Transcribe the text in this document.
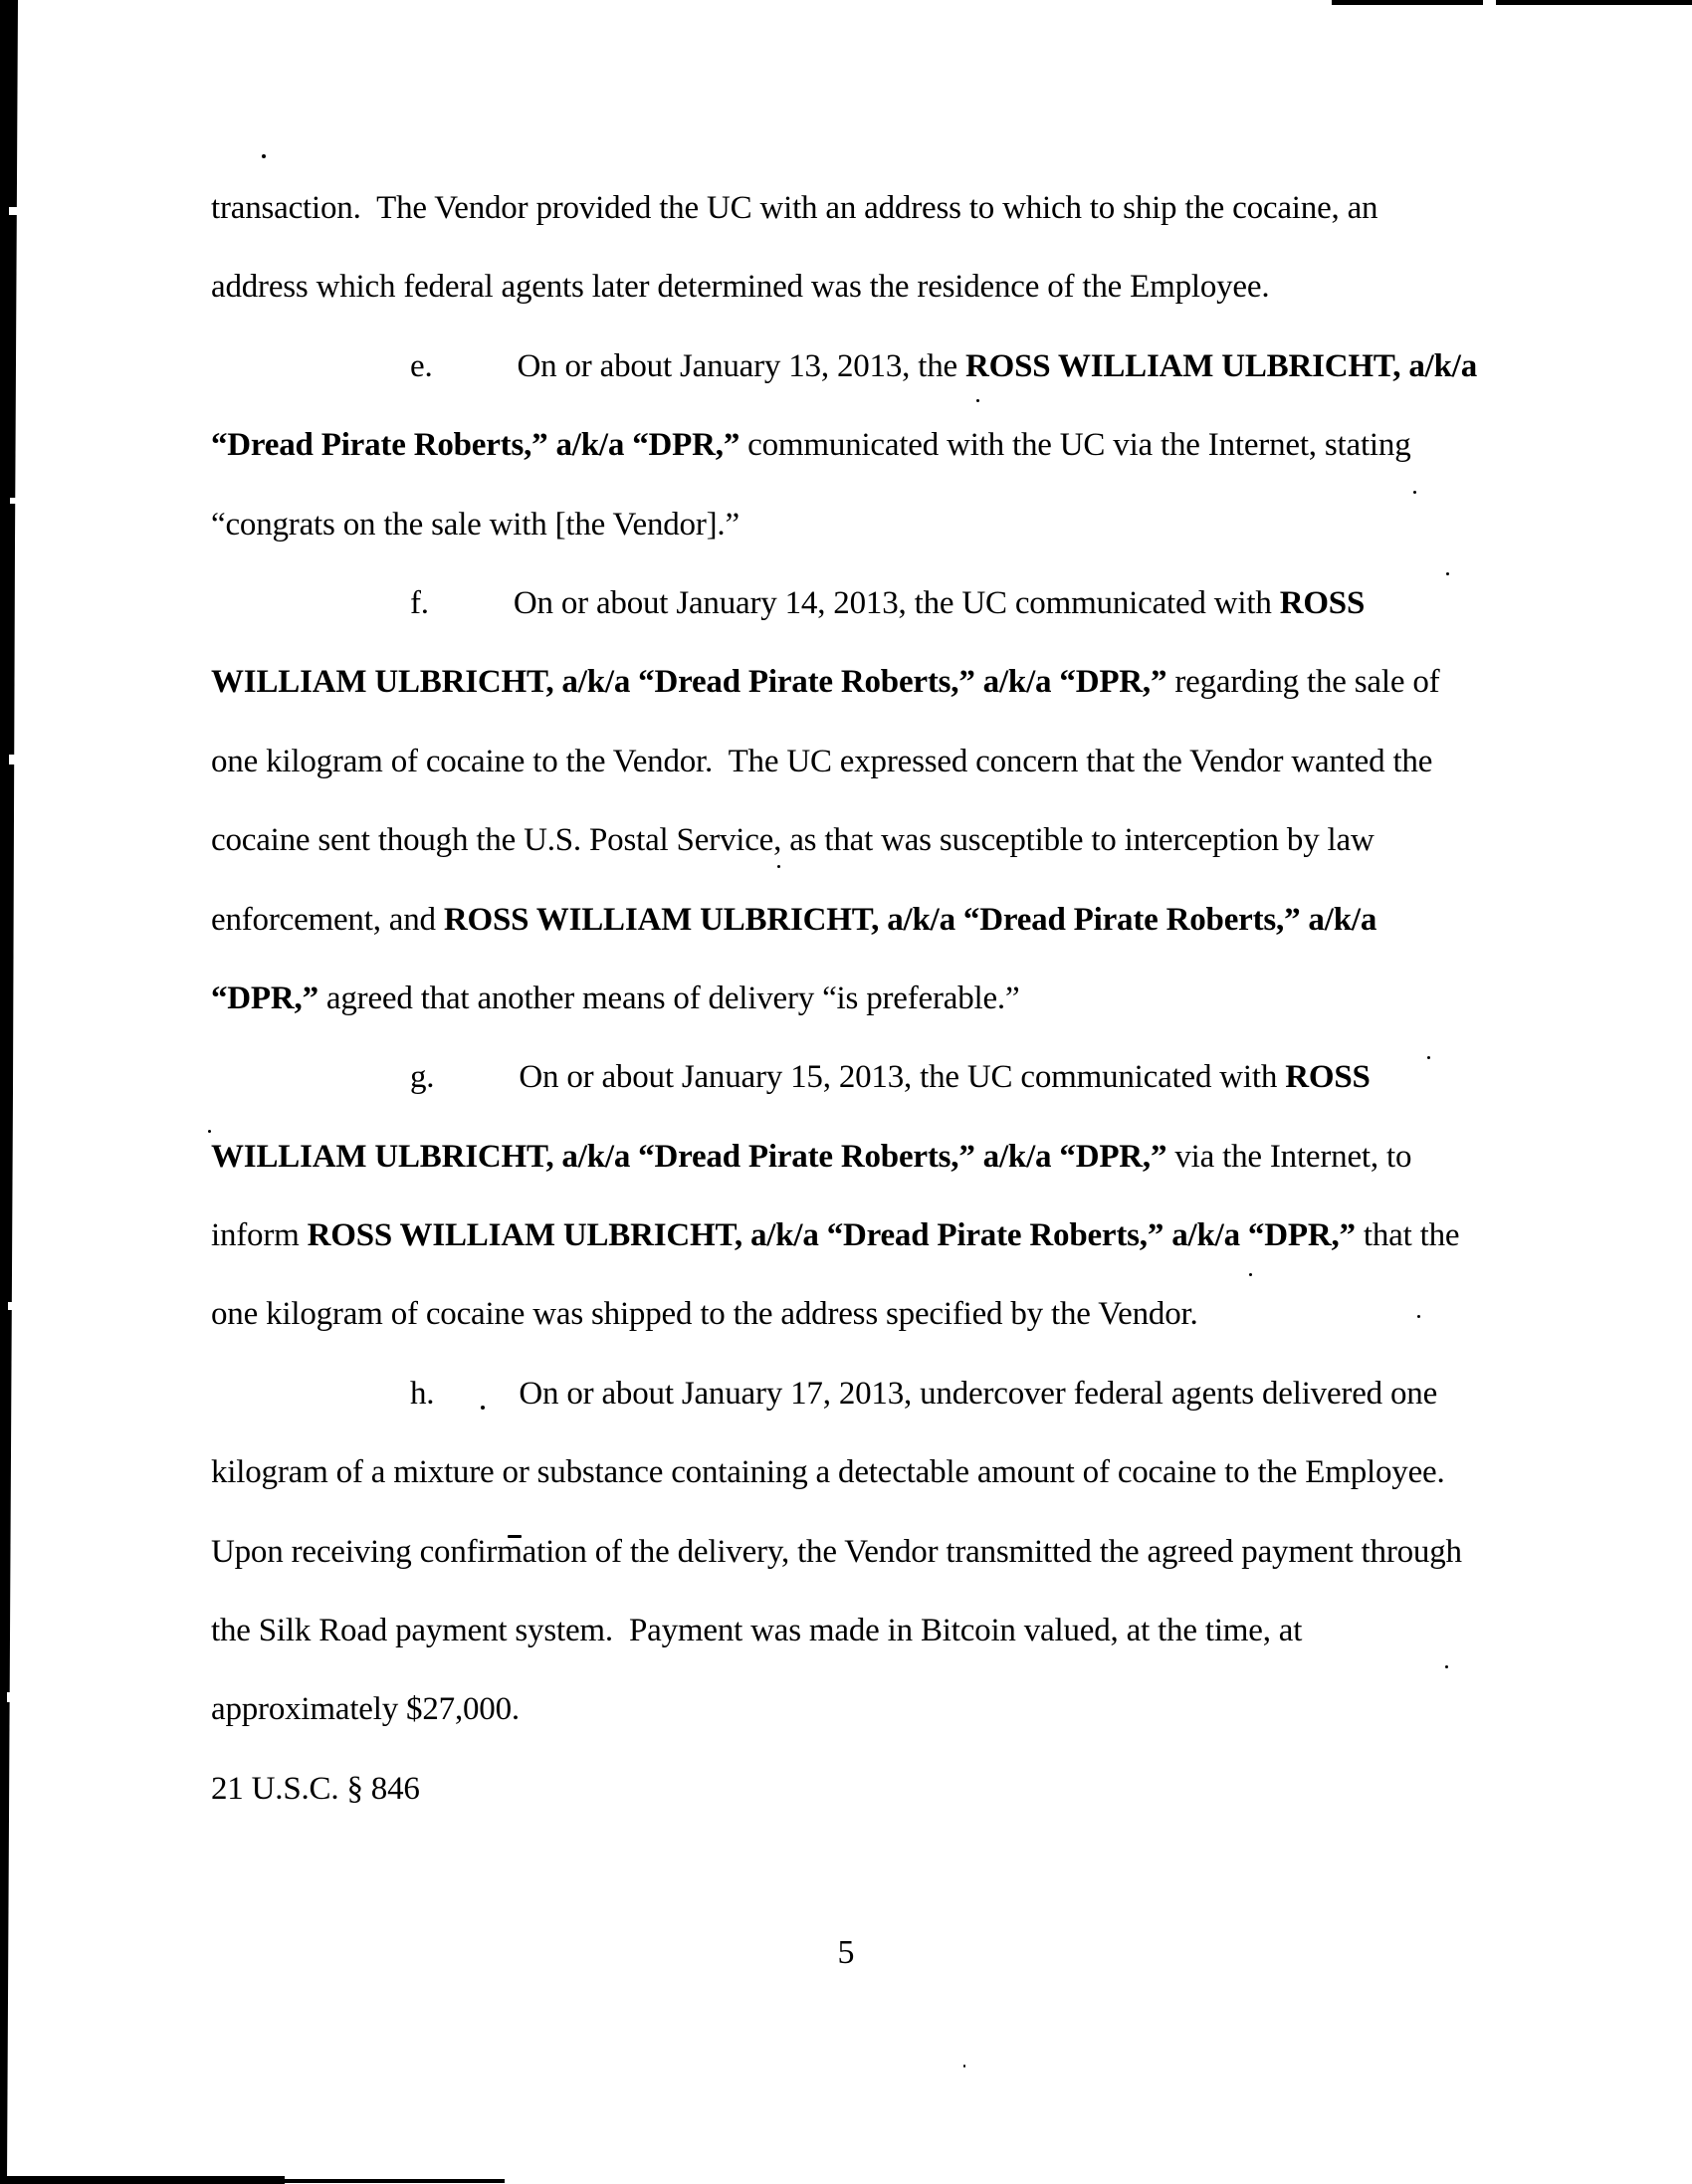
transaction.  The Vendor provided the UC with an address to which to ship the cocaine, an
address which federal agents later determined was the residence of the Employee.
e.	On or about January 13, 2013, the ROSS WILLIAM ULBRICHT, a/k/a
“Dread Pirate Roberts,” a/k/a “DPR,” communicated with the UC via the Internet, stating
“congrats on the sale with [the Vendor].”
f.	On or about January 14, 2013, the UC communicated with ROSS
WILLIAM ULBRICHT, a/k/a “Dread Pirate Roberts,” a/k/a “DPR,” regarding the sale of
one kilogram of cocaine to the Vendor.  The UC expressed concern that the Vendor wanted the
cocaine sent though the U.S. Postal Service, as that was susceptible to interception by law
enforcement, and ROSS WILLIAM ULBRICHT, a/k/a “Dread Pirate Roberts,” a/k/a
“DPR,” agreed that another means of delivery “is preferable.”
g.	On or about January 15, 2013, the UC communicated with ROSS
WILLIAM ULBRICHT, a/k/a “Dread Pirate Roberts,” a/k/a “DPR,” via the Internet, to
inform ROSS WILLIAM ULBRICHT, a/k/a “Dread Pirate Roberts,” a/k/a “DPR,” that the
one kilogram of cocaine was shipped to the address specified by the Vendor.
h.	On or about January 17, 2013, undercover federal agents delivered one
kilogram of a mixture or substance containing a detectable amount of cocaine to the Employee.
Upon receiving confirmation of the delivery, the Vendor transmitted the agreed payment through
the Silk Road payment system.  Payment was made in Bitcoin valued, at the time, at
approximately $27,000.
21 U.S.C. § 846
5
